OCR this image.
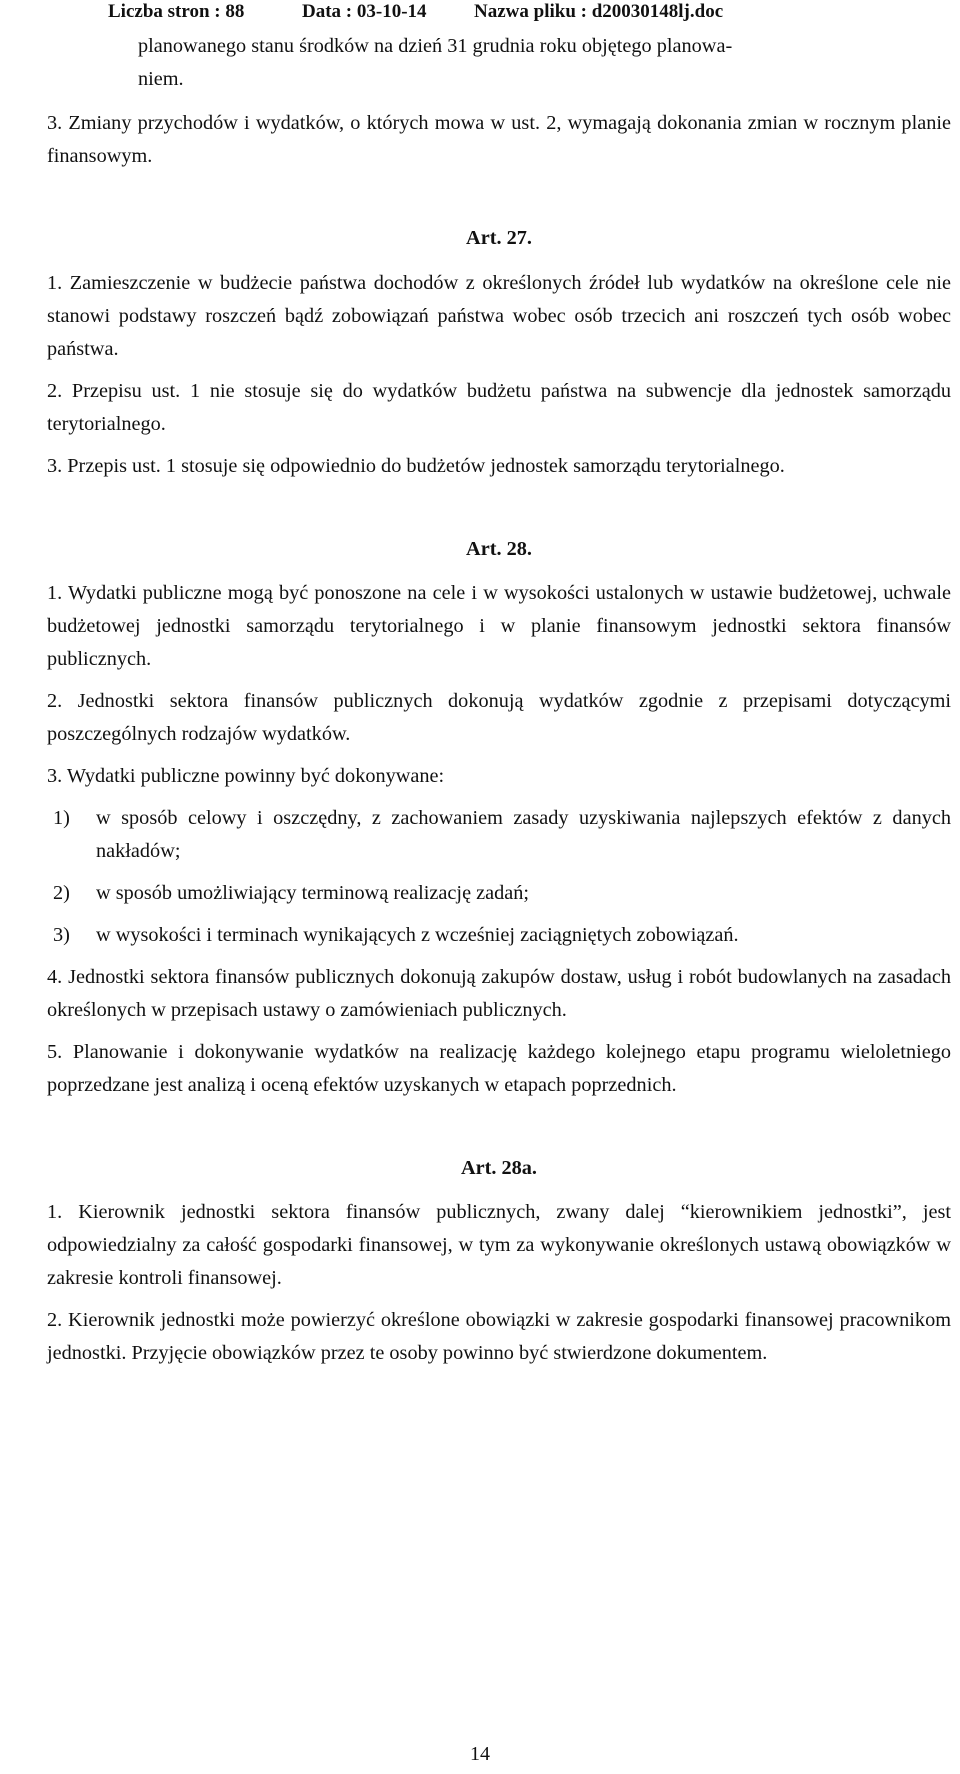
Liczba stron : 88	Data : 03-10-14 Nazwa pliku : d20030148lj.doc

planowanego stanu środków na dzień 31 grudnia roku objętego planowa-

niem.

3. Zmiany przychodów i wydatków, o których mowa w ust. 2, wymagają dokonania zmian w rocznym planie finansowym.

Art. 27.

1. Zamieszczenie w budżecie państwa dochodów z określonych źródeł lub wydatków na określone cele nie stanowi podstawy roszczeń bądź zobowiązań państwa wobec osób trzecich ani roszczeń tych osób wobec państwa.

2. Przepisu ust. 1 nie stosuje się do wydatków budżetu państwa na subwencje dla jednostek samorządu terytorialnego.

3. Przepis ust. 1 stosuje się odpowiednio do budżetów jednostek samorządu terytorialnego.

Art. 28.

1. Wydatki publiczne mogą być ponoszone na cele i w wysokości ustalonych w ustawie budżetowej, uchwale budżetowej jednostki samorządu terytorialnego i w planie finansowym jednostki sektora finansów publicznych.

2. Jednostki sektora finansów publicznych dokonują wydatków zgodnie z przepisami dotyczącymi poszczególnych rodzajów wydatków.

3. Wydatki publiczne powinny być dokonywane:

1) w sposób celowy i oszczędny, z zachowaniem zasady uzyskiwania najlepszych efektów z danych nakładów;
2) w sposób umożliwiający terminową realizację zadań;
3) w wysokości i terminach wynikających z wcześniej zaciągniętych zobowiązań.

4. Jednostki sektora finansów publicznych dokonują zakupów dostaw, usług i robót budowlanych na zasadach określonych w przepisach ustawy o zamówieniach publicznych.

5. Planowanie i dokonywanie wydatków na realizację każdego kolejnego etapu programu wieloletniego poprzedzane jest analizą i oceną efektów uzyskanych w etapach poprzednich.

Art. 28a.

1. Kierownik jednostki sektora finansów publicznych, zwany dalej “kierownikiem jednostki”, jest odpowiedzialny za całość gospodarki finansowej, w tym za wykonywanie określonych ustawą obowiązków w zakresie kontroli finansowej.

2. Kierownik jednostki może powierzyć określone obowiązki w zakresie gospodarki finansowej pracownikom jednostki. Przyjęcie obowiązków przez te osoby powinno być stwierdzone dokumentem.

14
